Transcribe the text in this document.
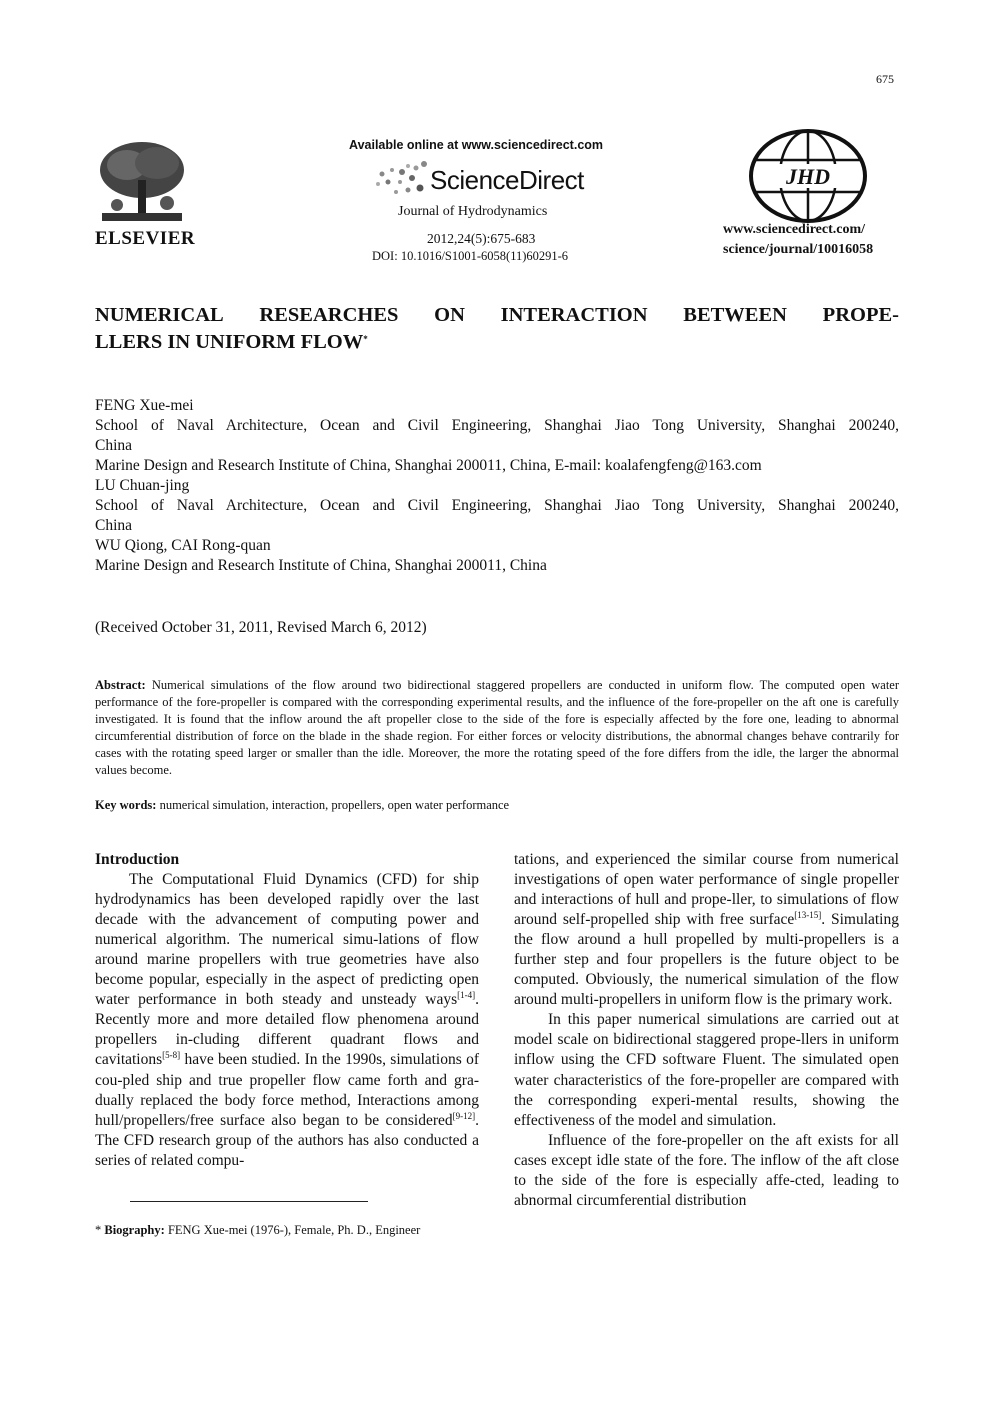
675
ELSEVIER
Available online at www.sciencedirect.com
ScienceDirect
Journal of Hydrodynamics
2012,24(5):675-683
DOI: 10.1016/S1001-6058(11)60291-6
JHD
www.sciencedirect.com/
science/journal/10016058
NUMERICAL RESEARCHES ON INTERACTION BETWEEN PROPE-
LLERS IN UNIFORM FLOW*
FENG Xue-mei
School of Naval Architecture, Ocean and Civil Engineering, Shanghai Jiao Tong University, Shanghai 200240,
China
Marine Design and Research Institute of China, Shanghai 200011, China, E-mail: koalafengfeng@163.com
LU Chuan-jing
School of Naval Architecture, Ocean and Civil Engineering, Shanghai Jiao Tong University, Shanghai 200240,
China
WU Qiong, CAI Rong-quan
Marine Design and Research Institute of China, Shanghai 200011, China
(Received October 31, 2011, Revised March 6, 2012)
Abstract: Numerical simulations of the flow around two bidirectional staggered propellers are conducted in uniform flow. The computed open water performance of the fore-propeller is compared with the corresponding experimental results, and the influence of the fore-propeller on the aft one is carefully investigated. It is found that the inflow around the aft propeller close to the side of the fore is especially affected by the fore one, leading to abnormal circumferential distribution of force on the blade in the shade region. For either forces or velocity distributions, the abnormal changes behave contrarily for cases with the rotating speed larger or smaller than the idle. Moreover, the more the rotating speed of the fore differs from the idle, the larger the abnormal values become.
Key words: numerical simulation, interaction, propellers, open water performance

Introduction

The Computational Fluid Dynamics (CFD) for ship hydrodynamics has been developed rapidly over the last decade with the advancement of computing power and numerical algorithm. The numerical simu-lations of flow around marine propellers with true geometries have also become popular, especially in the aspect of predicting open water performance in both steady and unsteady ways[1-4]. Recently more and more detailed flow phenomena around propellers in-cluding different quadrant flows and cavitations[5-8] have been studied. In the 1990s, simulations of cou-pled ship and true propeller flow came forth and gra-dually replaced the body force method, Interactions among hull/propellers/free surface also began to be considered[9-12]. The CFD research group of the authors has also conducted a series of related compu-

tations, and experienced the similar course from numerical investigations of open water performance of single propeller and interactions of hull and prope-ller, to simulations of flow around self-propelled ship with free surface[13-15]. Simulating the flow around a hull propelled by multi-propellers is a further step and four propellers is the future object to be computed. Obviously, the numerical simulation of the flow around multi-propellers in uniform flow is the primary work.

In this paper numerical simulations are carried out at model scale on bidirectional staggered prope-llers in uniform inflow using the CFD software Fluent. The simulated open water characteristics of the fore-propeller are compared with the corresponding experi-mental results, showing the effectiveness of the model and simulation.

Influence of the fore-propeller on the aft exists for all cases except idle state of the fore. The inflow of the aft close to the side of the fore is especially affe-cted, leading to abnormal circumferential distribution

* Biography: FENG Xue-mei (1976-), Female, Ph. D., Engineer
